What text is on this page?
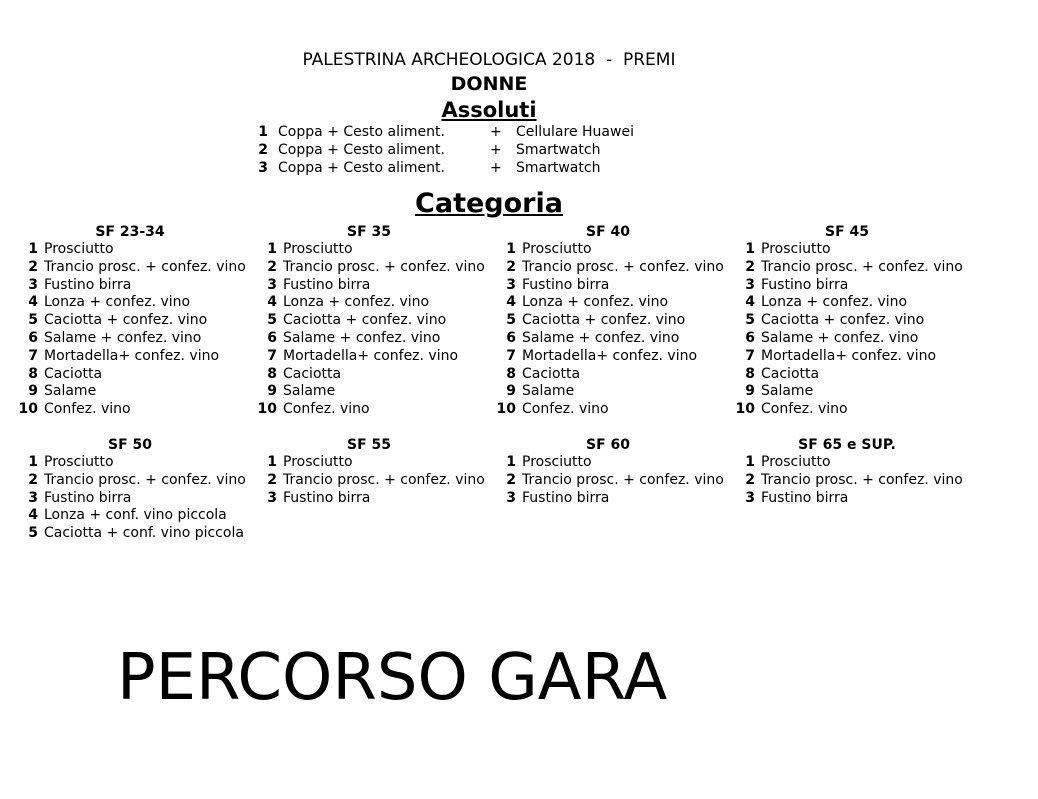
PALESTRINA ARCHEOLOGICA 2018  -  PREMI
DONNE
Assoluti
1 Coppa + Cesto aliment.	+ Cellulare Huawei
2 Coppa + Cesto aliment.	+ Smartwatch
3 Coppa + Cesto aliment.	+ Smartwatch
Categoria
SF 23-34
1 Prosciutto
2 Trancio prosc. + confez. vino
3 Fustino birra
4 Lonza + confez. vino
5 Caciotta + confez. vino
6 Salame + confez. vino
7 Mortadella+ confez. vino
8 Caciotta
9 Salame
10 Confez. vino
SF 35
1 Prosciutto
2 Trancio prosc. + confez. vino
3 Fustino birra
4 Lonza + confez. vino
5 Caciotta + confez. vino
6 Salame + confez. vino
7 Mortadella+ confez. vino
8 Caciotta
9 Salame
10 Confez. vino
SF 40
1 Prosciutto
2 Trancio prosc. + confez. vino
3 Fustino birra
4 Lonza + confez. vino
5 Caciotta + confez. vino
6 Salame + confez. vino
7 Mortadella+ confez. vino
8 Caciotta
9 Salame
10 Confez. vino
SF 45
1 Prosciutto
2 Trancio prosc. + confez. vino
3 Fustino birra
4 Lonza + confez. vino
5 Caciotta + confez. vino
6 Salame + confez. vino
7 Mortadella+ confez. vino
8 Caciotta
9 Salame
10 Confez. vino
SF 50
1 Prosciutto
2 Trancio prosc. + confez. vino
3 Fustino birra
4 Lonza + conf. vino piccola
5 Caciotta + conf. vino piccola
SF 55
1 Prosciutto
2 Trancio prosc. + confez. vino
3 Fustino birra
SF 60
1 Prosciutto
2 Trancio prosc. + confez. vino
3 Fustino birra
SF 65 e SUP.
1 Prosciutto
2 Trancio prosc. + confez. vino
3 Fustino birra
PERCORSO GARA
